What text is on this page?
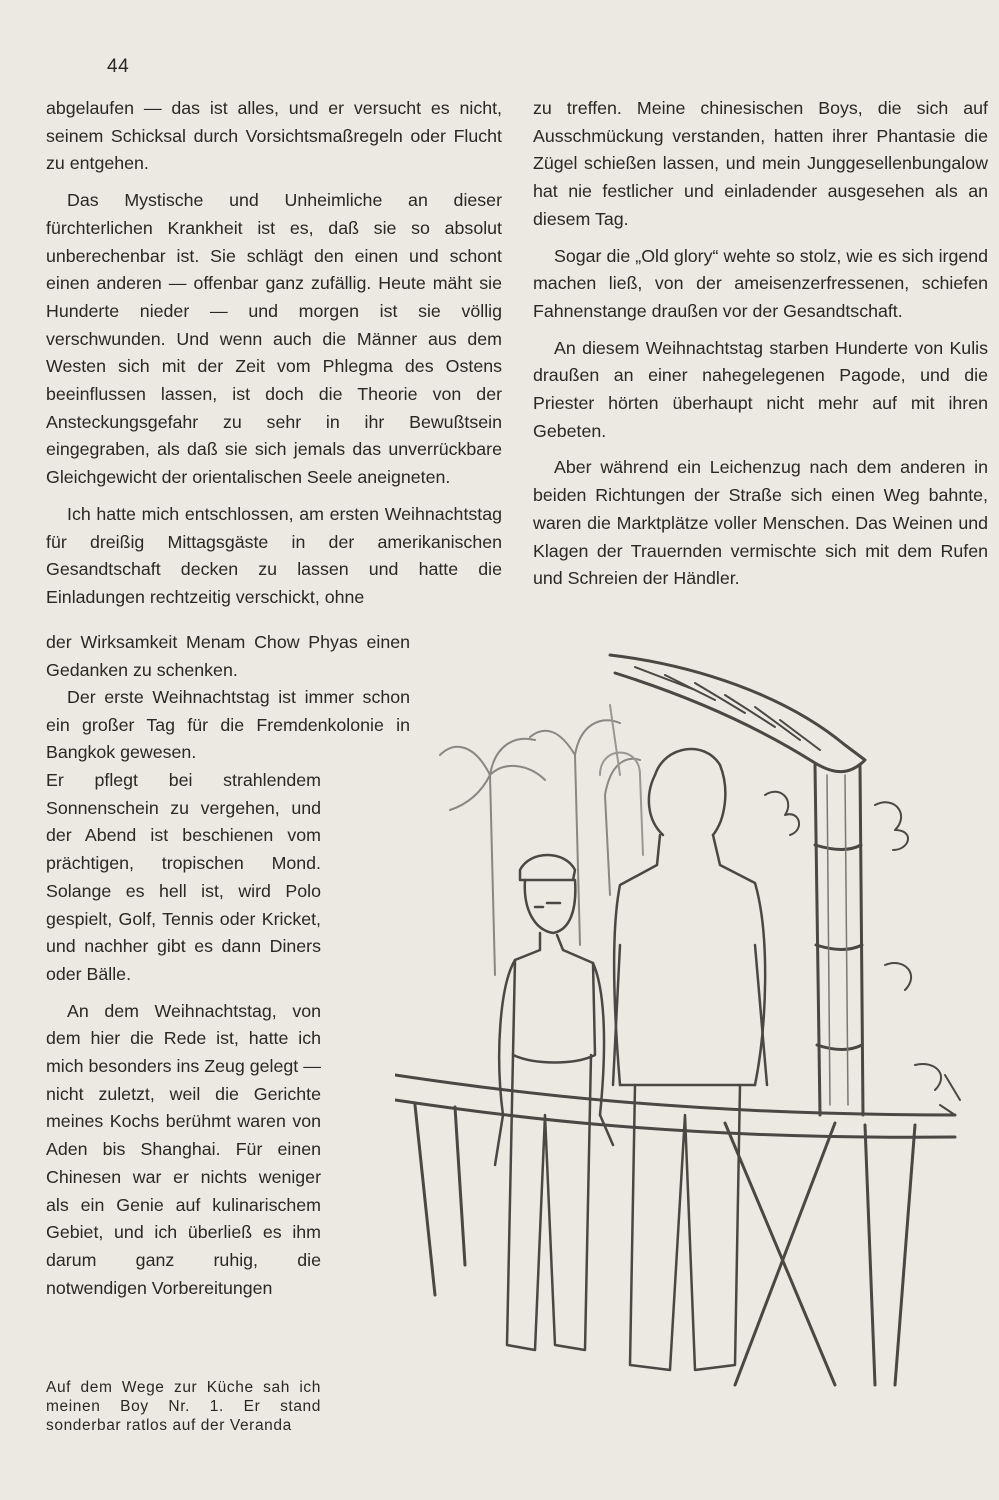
44

abgelaufen — das ist alles, und er versucht es nicht, seinem Schicksal durch Vorsichtsmaßregeln oder Flucht zu entgehen.

Das Mystische und Unheimliche an dieser fürchterlichen Krankheit ist es, daß sie so absolut unberechenbar ist. Sie schlägt den einen und schont einen anderen — offenbar ganz zufällig. Heute mäht sie Hunderte nieder — und morgen ist sie völlig verschwunden. Und wenn auch die Männer aus dem Westen sich mit der Zeit vom Phlegma des Ostens beeinflussen lassen, ist doch die Theorie von der Ansteckungsgefahr zu sehr in ihr Bewußtsein eingegraben, als daß sie sich jemals das unverrückbare Gleichgewicht der orientalischen Seele aneigneten.

Ich hatte mich entschlossen, am ersten Weihnachtstag für dreißig Mittagsgäste in der amerikanischen Gesandtschaft decken zu lassen und hatte die Einladungen rechtzeitig verschickt, ohne

der Wirksamkeit Menam Chow Phyas einen Gedanken zu schenken.

Der erste Weihnachtstag ist immer schon ein großer Tag für die Fremdenkolonie in Bangkok gewesen.

Er pflegt bei strahlendem Sonnenschein zu vergehen, und der Abend ist beschienen vom prächtigen, tropischen Mond. Solange es hell ist, wird Polo gespielt, Golf, Tennis oder Kricket, und nachher gibt es dann Diners oder Bälle.

An dem Weihnachtstag, von dem hier die Rede ist, hatte ich mich besonders ins Zeug gelegt — nicht zuletzt, weil die Gerichte meines Kochs berühmt waren von Aden bis Shanghai. Für einen Chinesen war er nichts weniger als ein Genie auf kulinarischem Gebiet, und ich überließ es ihm darum ganz ruhig, die notwendigen Vorbereitungen

zu treffen. Meine chinesischen Boys, die sich auf Ausschmückung verstanden, hatten ihrer Phantasie die Zügel schießen lassen, und mein Junggesellenbungalow hat nie festlicher und einladender ausgesehen als an diesem Tag.

Sogar die „Old glory“ wehte so stolz, wie es sich irgend machen ließ, von der ameisenzerfressenen, schiefen Fahnenstange draußen vor der Gesandtschaft.

An diesem Weihnachtstag starben Hunderte von Kulis draußen an einer nahegelegenen Pagode, und die Priester hörten überhaupt nicht mehr auf mit ihren Gebeten.

Aber während ein Leichenzug nach dem anderen in beiden Richtungen der Straße sich einen Weg bahnte, waren die Marktplätze voller Menschen. Das Weinen und Klagen der Trauernden vermischte sich mit dem Rufen und Schreien der Händler.

Auf dem Wege zur Küche sah ich meinen Boy Nr. 1. Er stand sonderbar ratlos auf der Veranda
